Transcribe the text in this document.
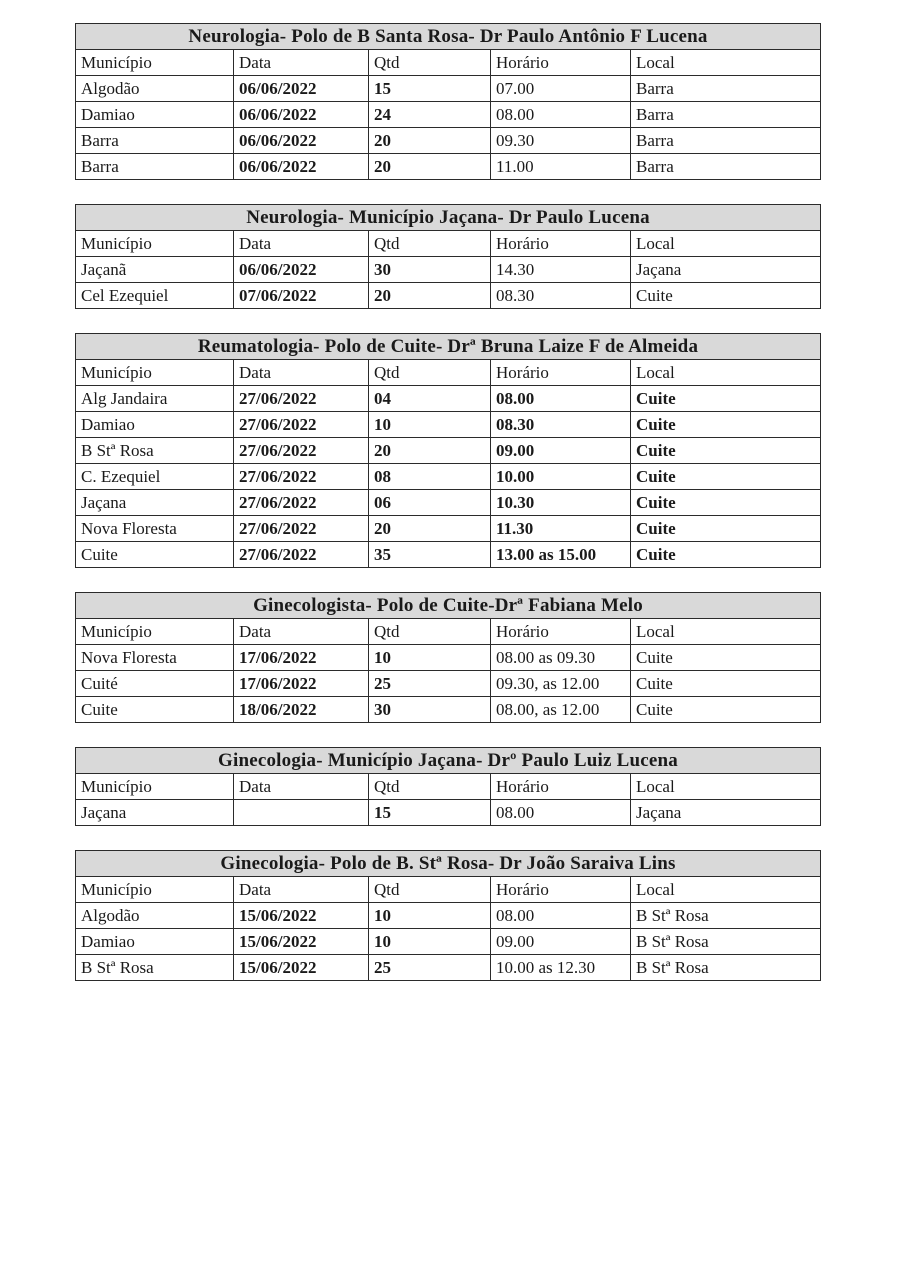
Neurologia- Polo de B Santa Rosa- Dr Paulo Antônio F Lucena				
Município	Data	Qtd	Horário	Local
Algodão	06/06/2022	15	07.00	Barra
Damiao	06/06/2022	24	08.00	Barra
Barra	06/06/2022	20	09.30	Barra
Barra	06/06/2022	20	11.00	Barra
Neurologia- Município Jaçana- Dr Paulo Lucena				
Município	Data	Qtd	Horário	Local
Jaçanã	06/06/2022	30	14.30	Jaçana
Cel Ezequiel	07/06/2022	20	08.30	Cuite
Reumatologia- Polo de Cuite- Drª Bruna Laize F de Almeida				
Município	Data	Qtd	Horário	Local
Alg Jandaira	27/06/2022	04	08.00	Cuite
Damiao	27/06/2022	10	08.30	Cuite
B Stª Rosa	27/06/2022	20	09.00	Cuite
C. Ezequiel	27/06/2022	08	10.00	Cuite
Jaçana	27/06/2022	06	10.30	Cuite
Nova Floresta	27/06/2022	20	11.30	Cuite
Cuite	27/06/2022	35	13.00 as 15.00	Cuite
Ginecologista- Polo de Cuite-Drª Fabiana Melo				
Município	Data	Qtd	Horário	Local
Nova Floresta	17/06/2022	10	08.00 as 09.30	Cuite
Cuité	17/06/2022	25	09.30, as 12.00	Cuite
Cuite	18/06/2022	30	08.00, as 12.00	Cuite
Ginecologia- Município Jaçana- Drº Paulo Luiz Lucena				
Município	Data	Qtd	Horário	Local
Jaçana		15	08.00	Jaçana
Ginecologia- Polo de B. Stª Rosa- Dr João Saraiva Lins				
Município	Data	Qtd	Horário	Local
Algodão	15/06/2022	10	08.00	B Stª Rosa
Damiao	15/06/2022	10	09.00	B Stª Rosa
B Stª Rosa	15/06/2022	25	10.00 as 12.30	B Stª Rosa
